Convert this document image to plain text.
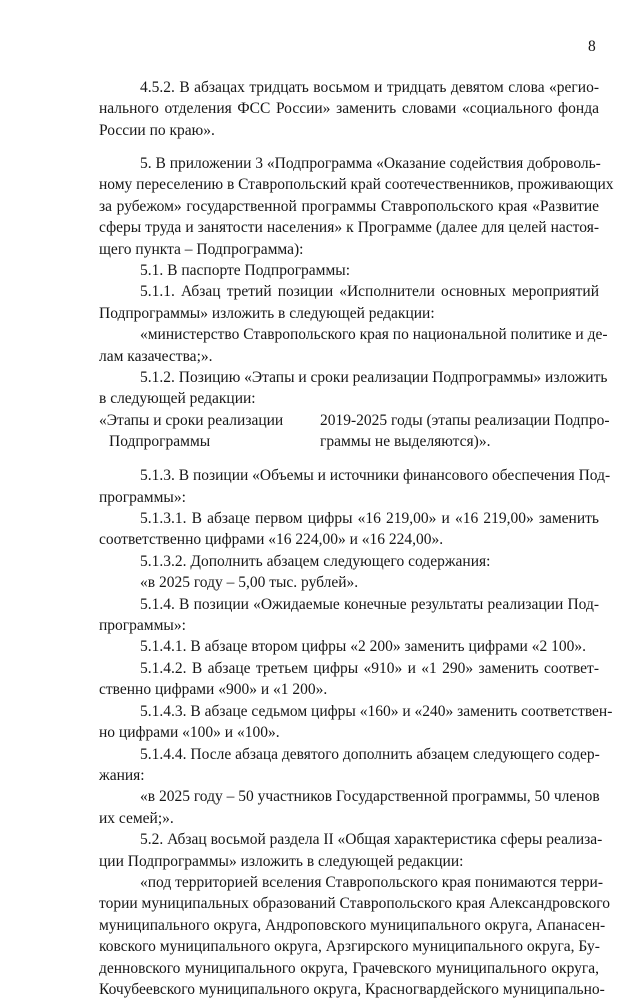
8
4.5.2. В абзацах тридцать восьмом и тридцать девятом слова «регио-
нального отделения ФСС России» заменить словами «социального фонда
России по краю».
5. В приложении 3 «Подпрограмма «Оказание содействия доброволь-
ному переселению в Ставропольский край соотечественников, проживающих
за рубежом» государственной программы Ставропольского края «Развитие
сферы труда и занятости населения» к Программе (далее для целей настоя-
щего пункта – Подпрограмма):
5.1. В паспорте Подпрограммы:
5.1.1. Абзац третий позиции «Исполнители основных мероприятий
Подпрограммы» изложить в следующей редакции:
«министерство Ставропольского края по национальной политике и де-
лам казачества;».
5.1.2. Позицию «Этапы и сроки реализации Подпрограммы» изложить
в следующей редакции:
5.1.3. В позиции «Объемы и источники финансового обеспечения Под-
программы»:
5.1.3.1. В абзаце первом цифры «16 219,00» и «16 219,00» заменить
соответственно цифрами «16 224,00» и «16 224,00».
5.1.3.2. Дополнить абзацем следующего содержания:
«в 2025 году – 5,00 тыс. рублей».
5.1.4. В позиции «Ожидаемые конечные результаты реализации Под-
программы»:
5.1.4.1. В абзаце втором цифры «2 200» заменить цифрами «2 100».
5.1.4.2. В абзаце третьем цифры «910» и «1 290» заменить соответ-
ственно цифрами «900» и «1 200».
5.1.4.3. В абзаце седьмом цифры «160» и «240» заменить соответствен-
но цифрами «100» и «100».
5.1.4.4. После абзаца девятого дополнить абзацем следующего содер-
жания:
«в 2025 году – 50 участников Государственной программы, 50 членов
их семей;».
5.2. Абзац восьмой раздела II «Общая характеристика сферы реализа-
ции Подпрограммы» изложить в следующей редакции:
«под территорией вселения Ставропольского края понимаются терри-
тории муниципальных образований Ставропольского края Александровского
муниципального округа, Андроповского муниципального округа, Апанасен-
ковского муниципального округа, Арзгирского муниципального округа, Бу-
денновского муниципального округа, Грачевского муниципального округа,
Кочубеевского муниципального округа, Красногвардейского муниципально-
«Этапы и сроки реализации
Подпрограммы
2019-2025 годы (этапы реализации Подпро-
граммы не выделяются)».
